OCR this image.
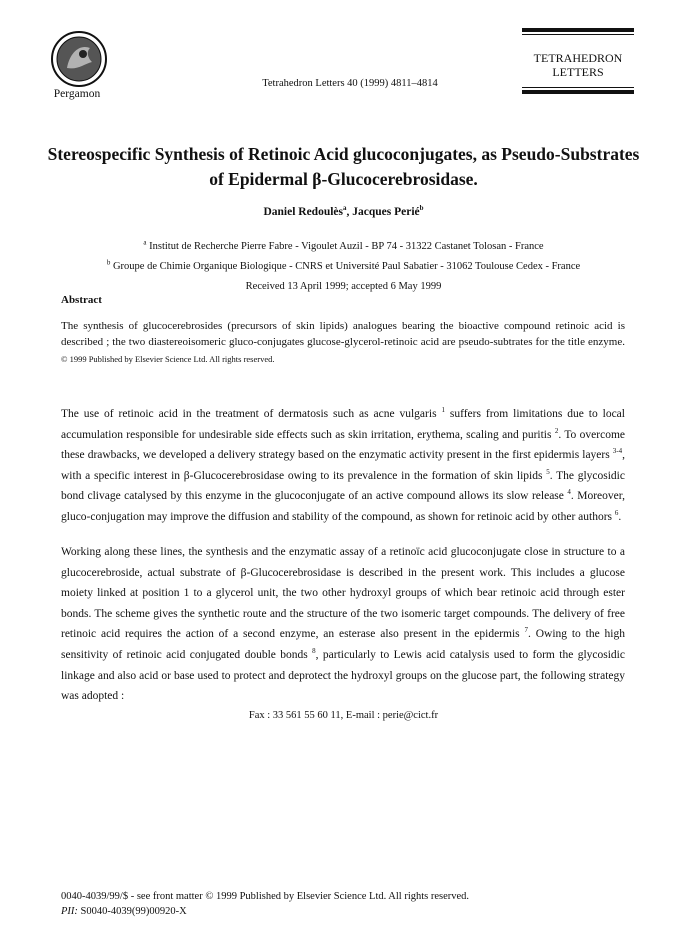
Pergamon
Tetrahedron Letters 40 (1999) 4811–4814
TETRAHEDRON
LETTERS
Stereospecific Synthesis of Retinoic Acid glucoconjugates, as Pseudo-Substrates of Epidermal β-Glucocerebrosidase.
Daniel Redoulès$^a$, Jacques Perié$^b$
$^a$ Institut de Recherche Pierre Fabre - Vigoulet Auzil - BP 74 - 31322 Castanet Tolosan - France
$^b$ Groupe de Chimie Organique Biologique - CNRS et Université Paul Sabatier - 31062 Toulouse Cedex - France
Received 13 April 1999; accepted 6 May 1999
Abstract
The synthesis of glucocerebrosides (precursors of skin lipids) analogues bearing the bioactive compound retinoic acid is described ; the two diastereoisomeric gluco-conjugates glucose-glycerol-retinoic acid are pseudo-subtrates for the title enzyme. © 1999 Published by Elsevier Science Ltd. All rights reserved.
The use of retinoic acid in the treatment of dermatosis such as acne vulgaris $^1$ suffers from limitations due to local accumulation responsible for undesirable side effects such as skin irritation, erythema, scaling and puritis $^2$. To overcome these drawbacks, we developed a delivery strategy based on the enzymatic activity present in the first epidermis layers $^{3-4}$, with a specific interest in β-Glucocerebrosidase owing to its prevalence in the formation of skin lipids $^5$. The glycosidic bond clivage catalysed by this enzyme in the glucoconjugate of an active compound allows its slow release $^4$. Moreover, gluco-conjugation may improve the diffusion and stability of the compound, as shown for retinoic acid by other authors $^6$.
Working along these lines, the synthesis and the enzymatic assay of a retinoïc acid glucoconjugate close in structure to a glucocerebroside, actual substrate of β-Glucocerebrosidase is described in the present work. This includes a glucose moiety linked at position 1 to a glycerol unit, the two other hydroxyl groups of which bear retinoic acid through ester bonds. The scheme gives the synthetic route and the structure of the two isomeric target compounds. The delivery of free retinoic acid requires the action of a second enzyme, an esterase also present in the epidermis $^7$. Owing to the high sensitivity of retinoic acid conjugated double bonds $^8$, particularly to Lewis acid catalysis used to form the glycosidic linkage and also acid or base used to protect and deprotect the hydroxyl groups on the glucose part, the following strategy was adopted :
Fax : 33 561 55 60 11, E-mail : perie@cict.fr
0040-4039/99/$ - see front matter © 1999 Published by Elsevier Science Ltd. All rights reserved.
PII: S0040-4039(99)00920-X
